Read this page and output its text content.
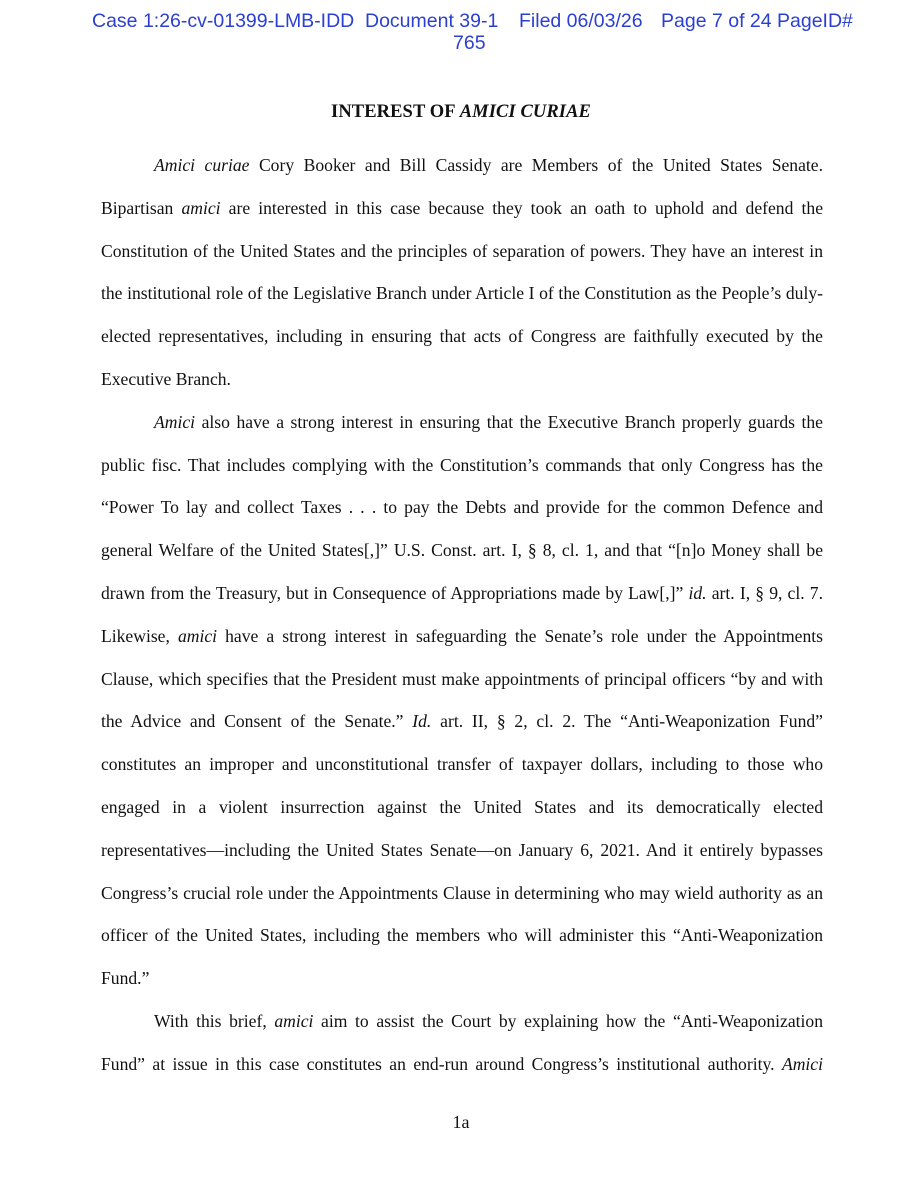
Case 1:26-cv-01399-LMB-IDD Document 39-1 Filed 06/03/26 Page 7 of 24 PageID#
765
INTEREST OF AMICI CURIAE

Amici curiae Cory Booker and Bill Cassidy are Members of the United States Senate. Bipartisan amici are interested in this case because they took an oath to uphold and defend the Constitution of the United States and the principles of separation of powers. They have an interest in the institutional role of the Legislative Branch under Article I of the Constitution as the People’s duly-elected representatives, including in ensuring that acts of Congress are faithfully executed by the Executive Branch.

Amici also have a strong interest in ensuring that the Executive Branch properly guards the public fisc. That includes complying with the Constitution’s commands that only Congress has the “Power To lay and collect Taxes . . . to pay the Debts and provide for the common Defence and general Welfare of the United States[,]” U.S. Const. art. I, § 8, cl. 1, and that “[n]o Money shall be drawn from the Treasury, but in Consequence of Appropriations made by Law[,]” id. art. I, § 9, cl. 7. Likewise, amici have a strong interest in safeguarding the Senate’s role under the Appointments Clause, which specifies that the President must make appointments of principal officers “by and with the Advice and Consent of the Senate.” Id. art. II, § 2, cl. 2. The “Anti-Weaponization Fund” constitutes an improper and unconstitutional transfer of taxpayer dollars, including to those who engaged in a violent insurrection against the United States and its democratically elected representatives—including the United States Senate—on January 6, 2021. And it entirely bypasses Congress’s crucial role under the Appointments Clause in determining who may wield authority as an officer of the United States, including the members who will administer this “Anti-Weaponization Fund.”

With this brief, amici aim to assist the Court by explaining how the “Anti-Weaponization Fund” at issue in this case constitutes an end-run around Congress’s institutional authority. Amici

1a
